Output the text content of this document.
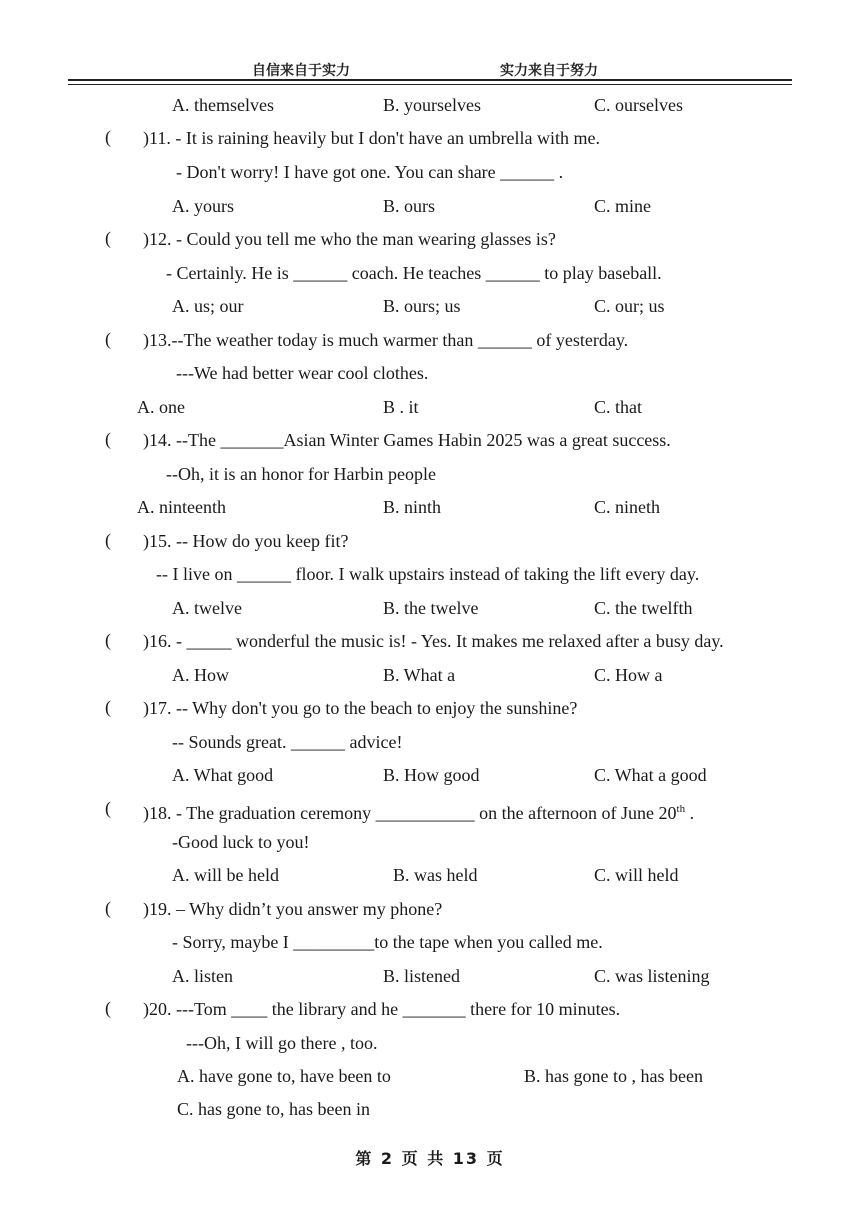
自信来自于实力	实力来自于努力
A. themselves	B. yourselves	C. ourselves
( )11. - It is raining heavily but I don't have an umbrella with me.
- Don't worry! I have got one. You can share ______ .
A. yours	B. ours	C. mine
( )12. - Could you tell me who the man wearing glasses is?
- Certainly. He is ______ coach. He teaches ______ to play baseball.
A. us; our	B. ours; us	C. our; us
( )13.--The weather today is much warmer than ______ of yesterday.
---We had better wear cool clothes.
A. one	B . it	C. that
( )14. --The _______Asian Winter Games Habin 2025 was a great success.
--Oh, it is an honor for Harbin people
A. ninteenth	B. ninth	C. nineth
( )15. -- How do you keep fit?
-- I live on ______ floor. I walk upstairs instead of taking the lift every day.
A. twelve	B. the twelve	C. the twelfth
( )16. - _____ wonderful the music is! - Yes. It makes me relaxed after a busy day.
A. How	B. What a	C. How a
( )17. -- Why don't you go to the beach to enjoy the sunshine?
-- Sounds great. ______ advice!
A. What good	B. How good	C. What a good
( )18. - The graduation ceremony ___________ on the afternoon of June 20th .
-Good luck to you!
A. will be held	B. was held	C. will held
( )19. – Why didn’t you answer my phone?
- Sorry, maybe I _________to the tape when you called me.
A. listen	B. listened	C. was listening
( )20. ---Tom ____ the library and he _______ there for 10 minutes.
---Oh, I will go there , too.
A. have gone to, have been to	B. has gone to , has been
C. has gone to, has been in
第 2 页 共 13 页
